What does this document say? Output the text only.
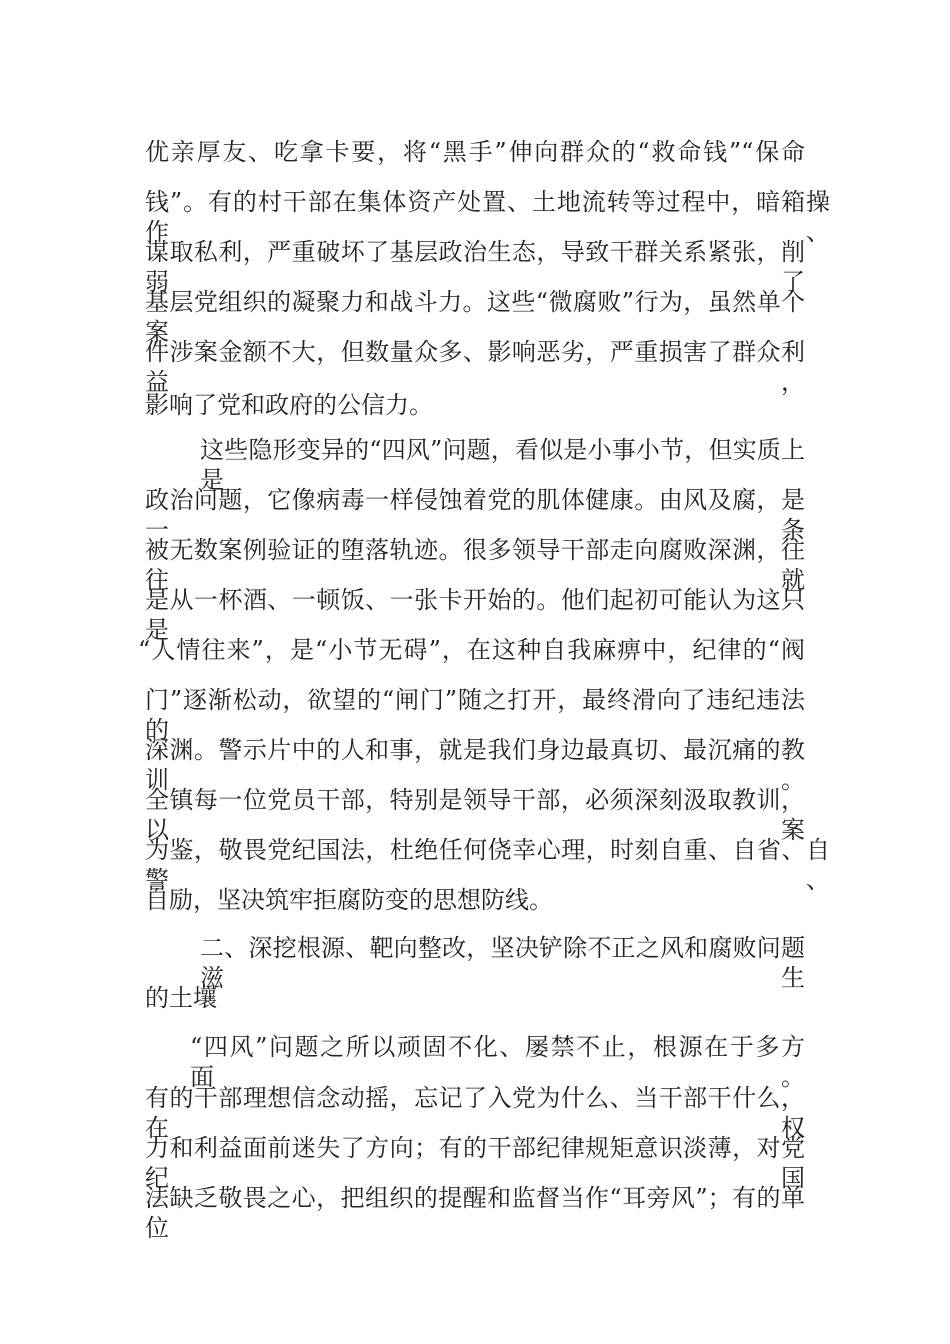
优亲厚友、吃拿卡要，将“黑手”伸向群众的“救命钱”“保命
钱”。有的村干部在集体资产处置、土地流转等过程中，暗箱操作、
谋取私利，严重破坏了基层政治生态，导致干群关系紧张，削弱了
基层党组织的凝聚力和战斗力。这些“微腐败”行为，虽然单个案
件涉案金额不大，但数量众多、影响恶劣，严重损害了群众利益，
影响了党和政府的公信力。
这些隐形变异的“四风”问题，看似是小事小节，但实质上是
政治问题，它像病毒一样侵蚀着党的肌体健康。由风及腐，是一条
被无数案例验证的堕落轨迹。很多领导干部走向腐败深渊，往往就
是从一杯酒、一顿饭、一张卡开始的。他们起初可能认为这只是
“人情往来”，是“小节无碍”，在这种自我麻痹中，纪律的“阀
门”逐渐松动，欲望的“闸门”随之打开，最终滑向了违纪违法的
深渊。警示片中的人和事，就是我们身边最真切、最沉痛的教训。
全镇每一位党员干部，特别是领导干部，必须深刻汲取教训，以案
为鉴，敬畏党纪国法，杜绝任何侥幸心理，时刻自重、自省、自警、
自励，坚决筑牢拒腐防变的思想防线。
二、深挖根源、靶向整改，坚决铲除不正之风和腐败问题滋生
的土壤
“四风”问题之所以顽固不化、屡禁不止，根源在于多方面。
有的干部理想信念动摇，忘记了入党为什么、当干部干什么，在权
力和利益面前迷失了方向；有的干部纪律规矩意识淡薄，对党纪国
法缺乏敬畏之心，把组织的提醒和监督当作“耳旁风”；有的单位
